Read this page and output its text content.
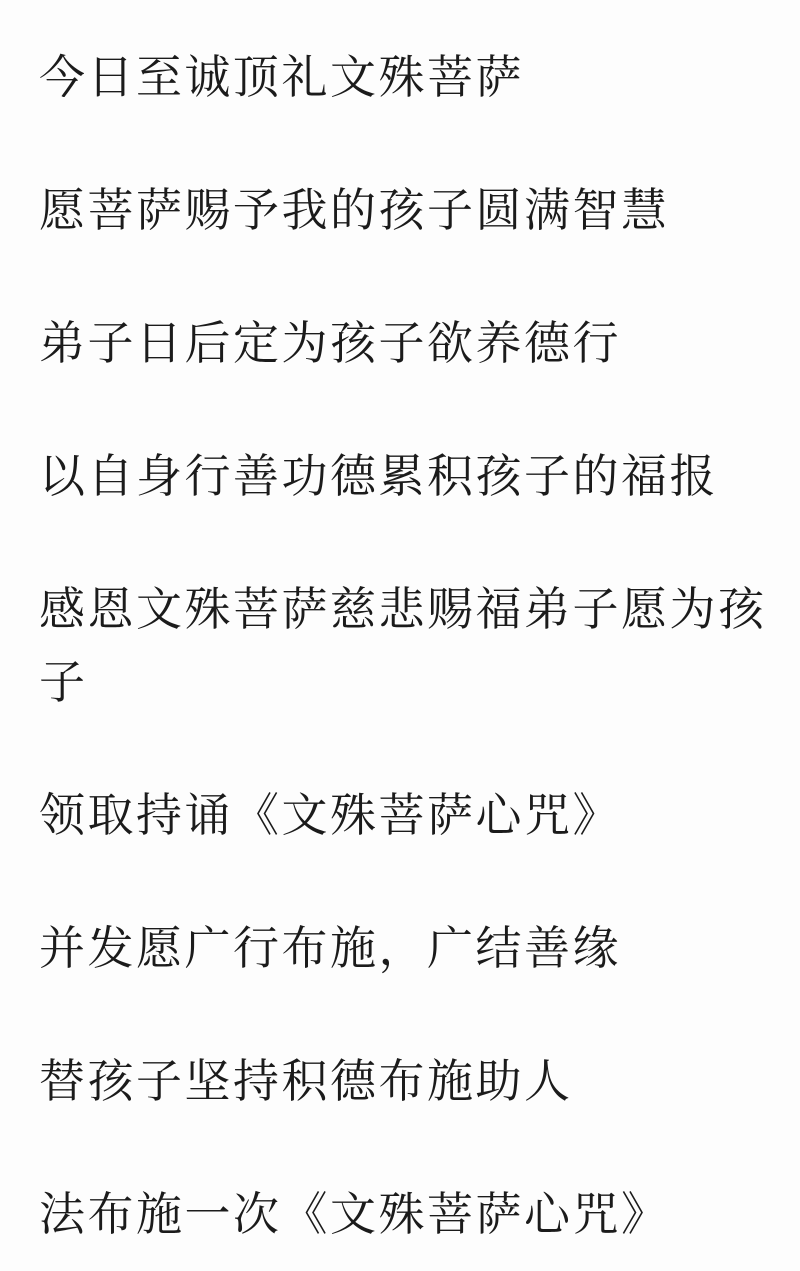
今日至诚顶礼文殊菩萨

愿菩萨赐予我的孩子圆满智慧

弟子日后定为孩子欲养德行

以自身行善功德累积孩子的福报

感恩文殊菩萨慈悲赐福弟子愿为孩子

领取持诵《文殊菩萨心咒》

并发愿广行布施，广结善缘

替孩子坚持积德布施助人

法布施一次《文殊菩萨心咒》
